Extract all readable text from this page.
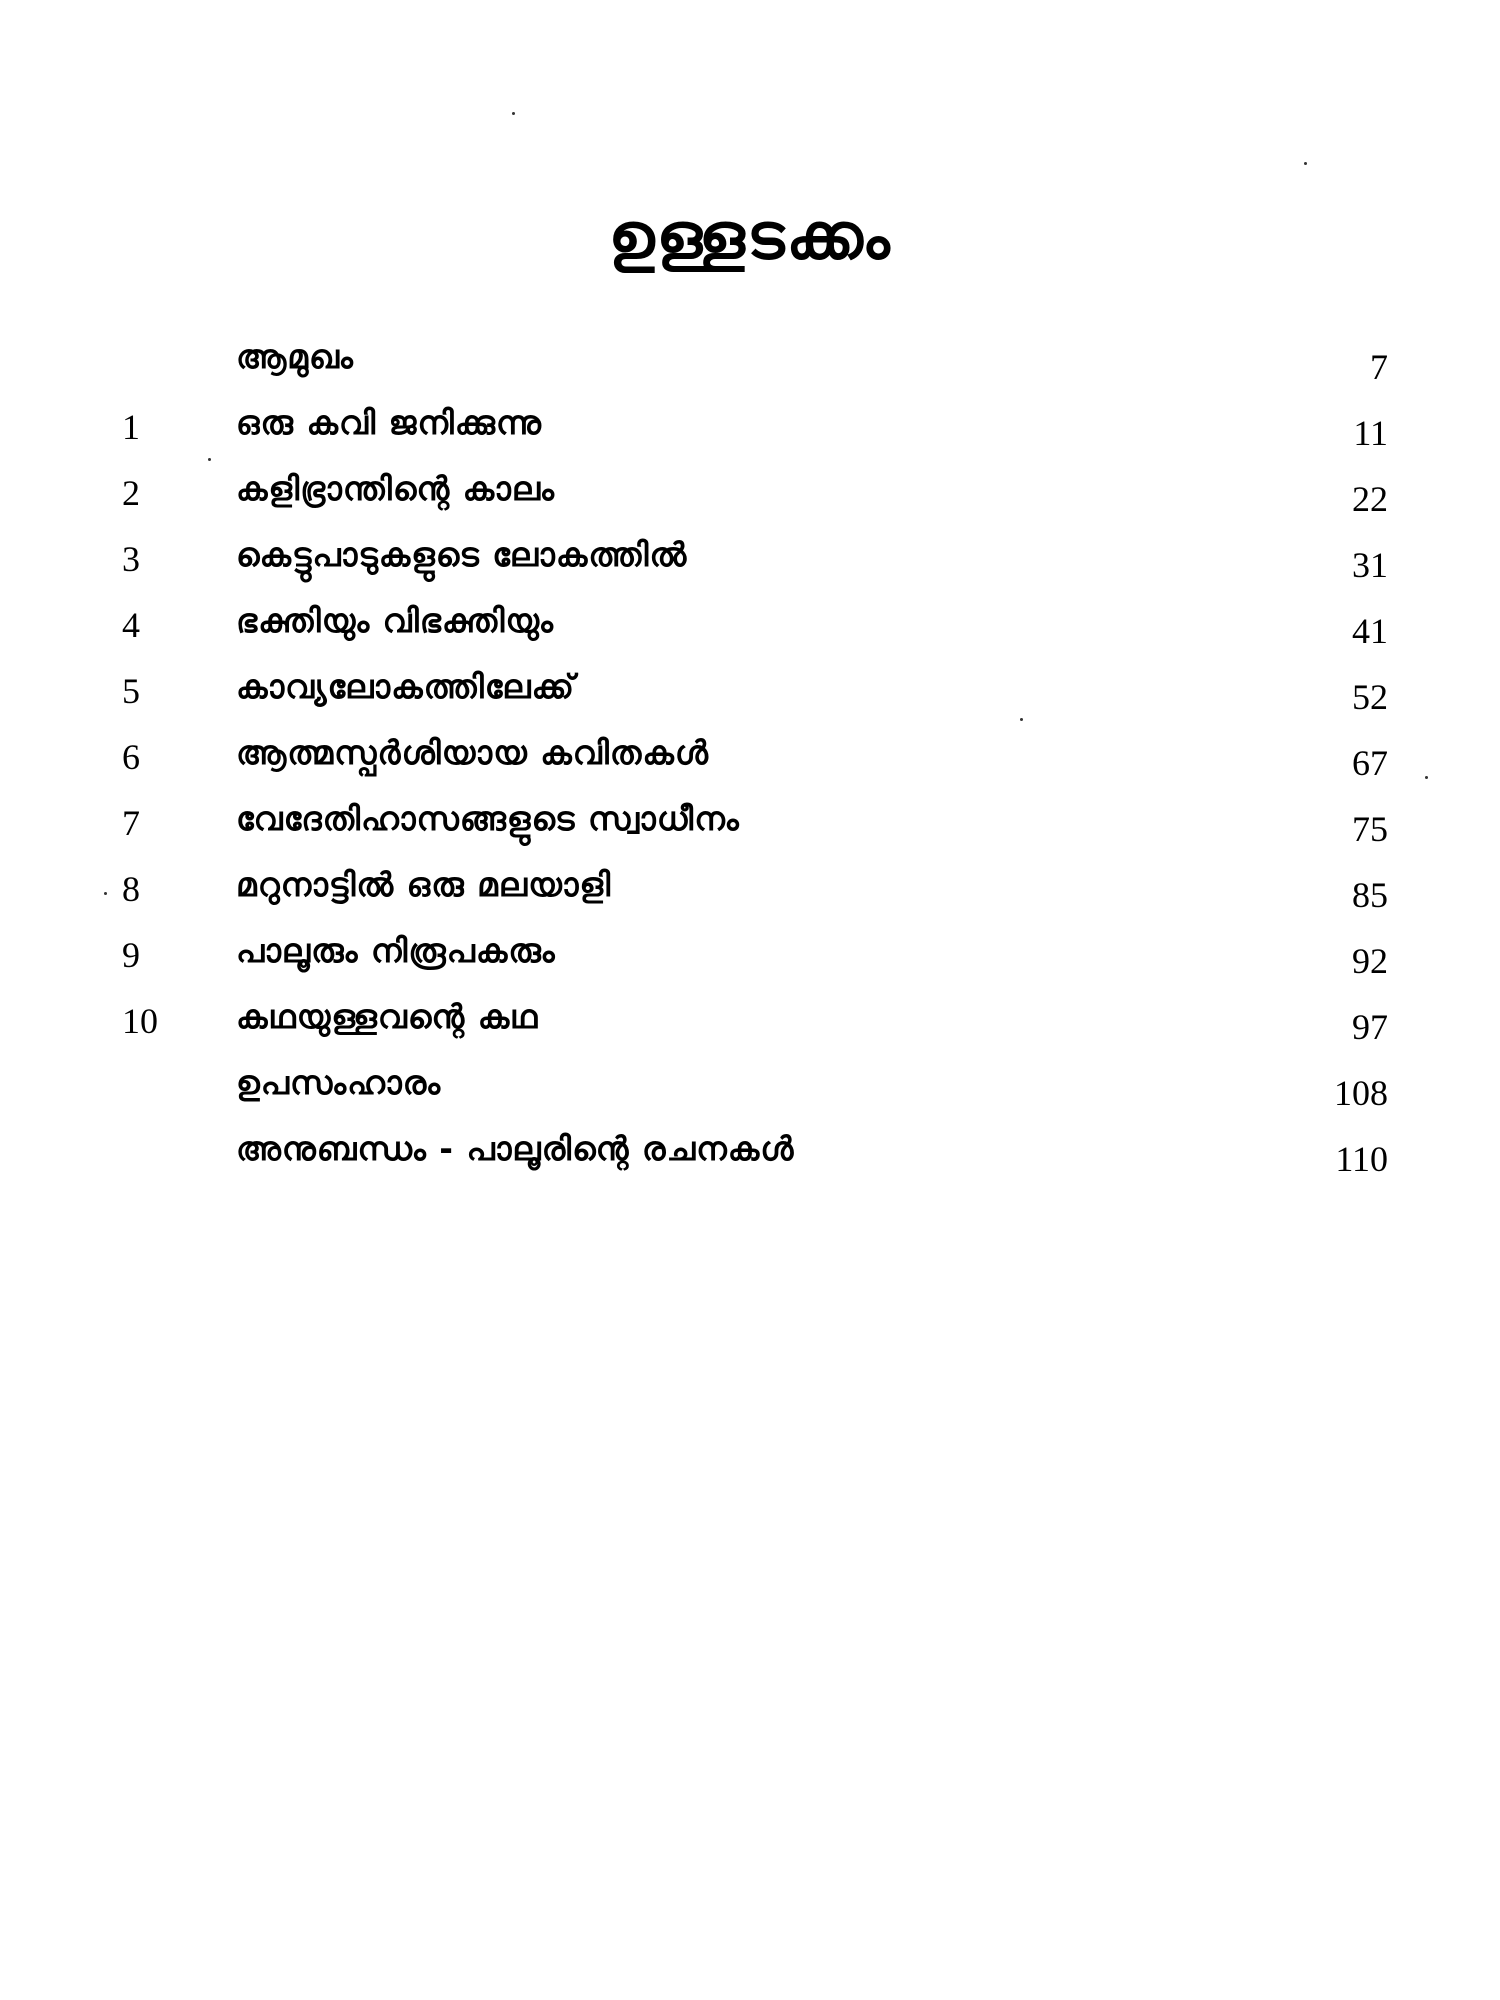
ഉള്ളടക്കം
ആമുഖം	7
1	ഒരു കവി ജനിക്കുന്നു	11
2	കളിഭ്രാന്തിന്റെ കാലം	22
3	കെട്ടുപാടുകളുടെ ലോകത്തിൽ	31
4	ഭക്തിയും വിഭക്തിയും	41
5	കാവ്യലോകത്തിലേക്ക്	52
6	ആത്മസ്പർശിയായ കവിതകൾ	67
7	വേദേതിഹാസങ്ങളുടെ സ്വാധീനം	75
8	മറുനാട്ടിൽ ഒരു മലയാളി	85
9	പാലൂരും നിരൂപകരും	92
10	കഥയുള്ളവന്റെ കഥ	97
ഉപസംഹാരം	108
അനുബന്ധം - പാലൂരിന്റെ രചനകൾ	110
